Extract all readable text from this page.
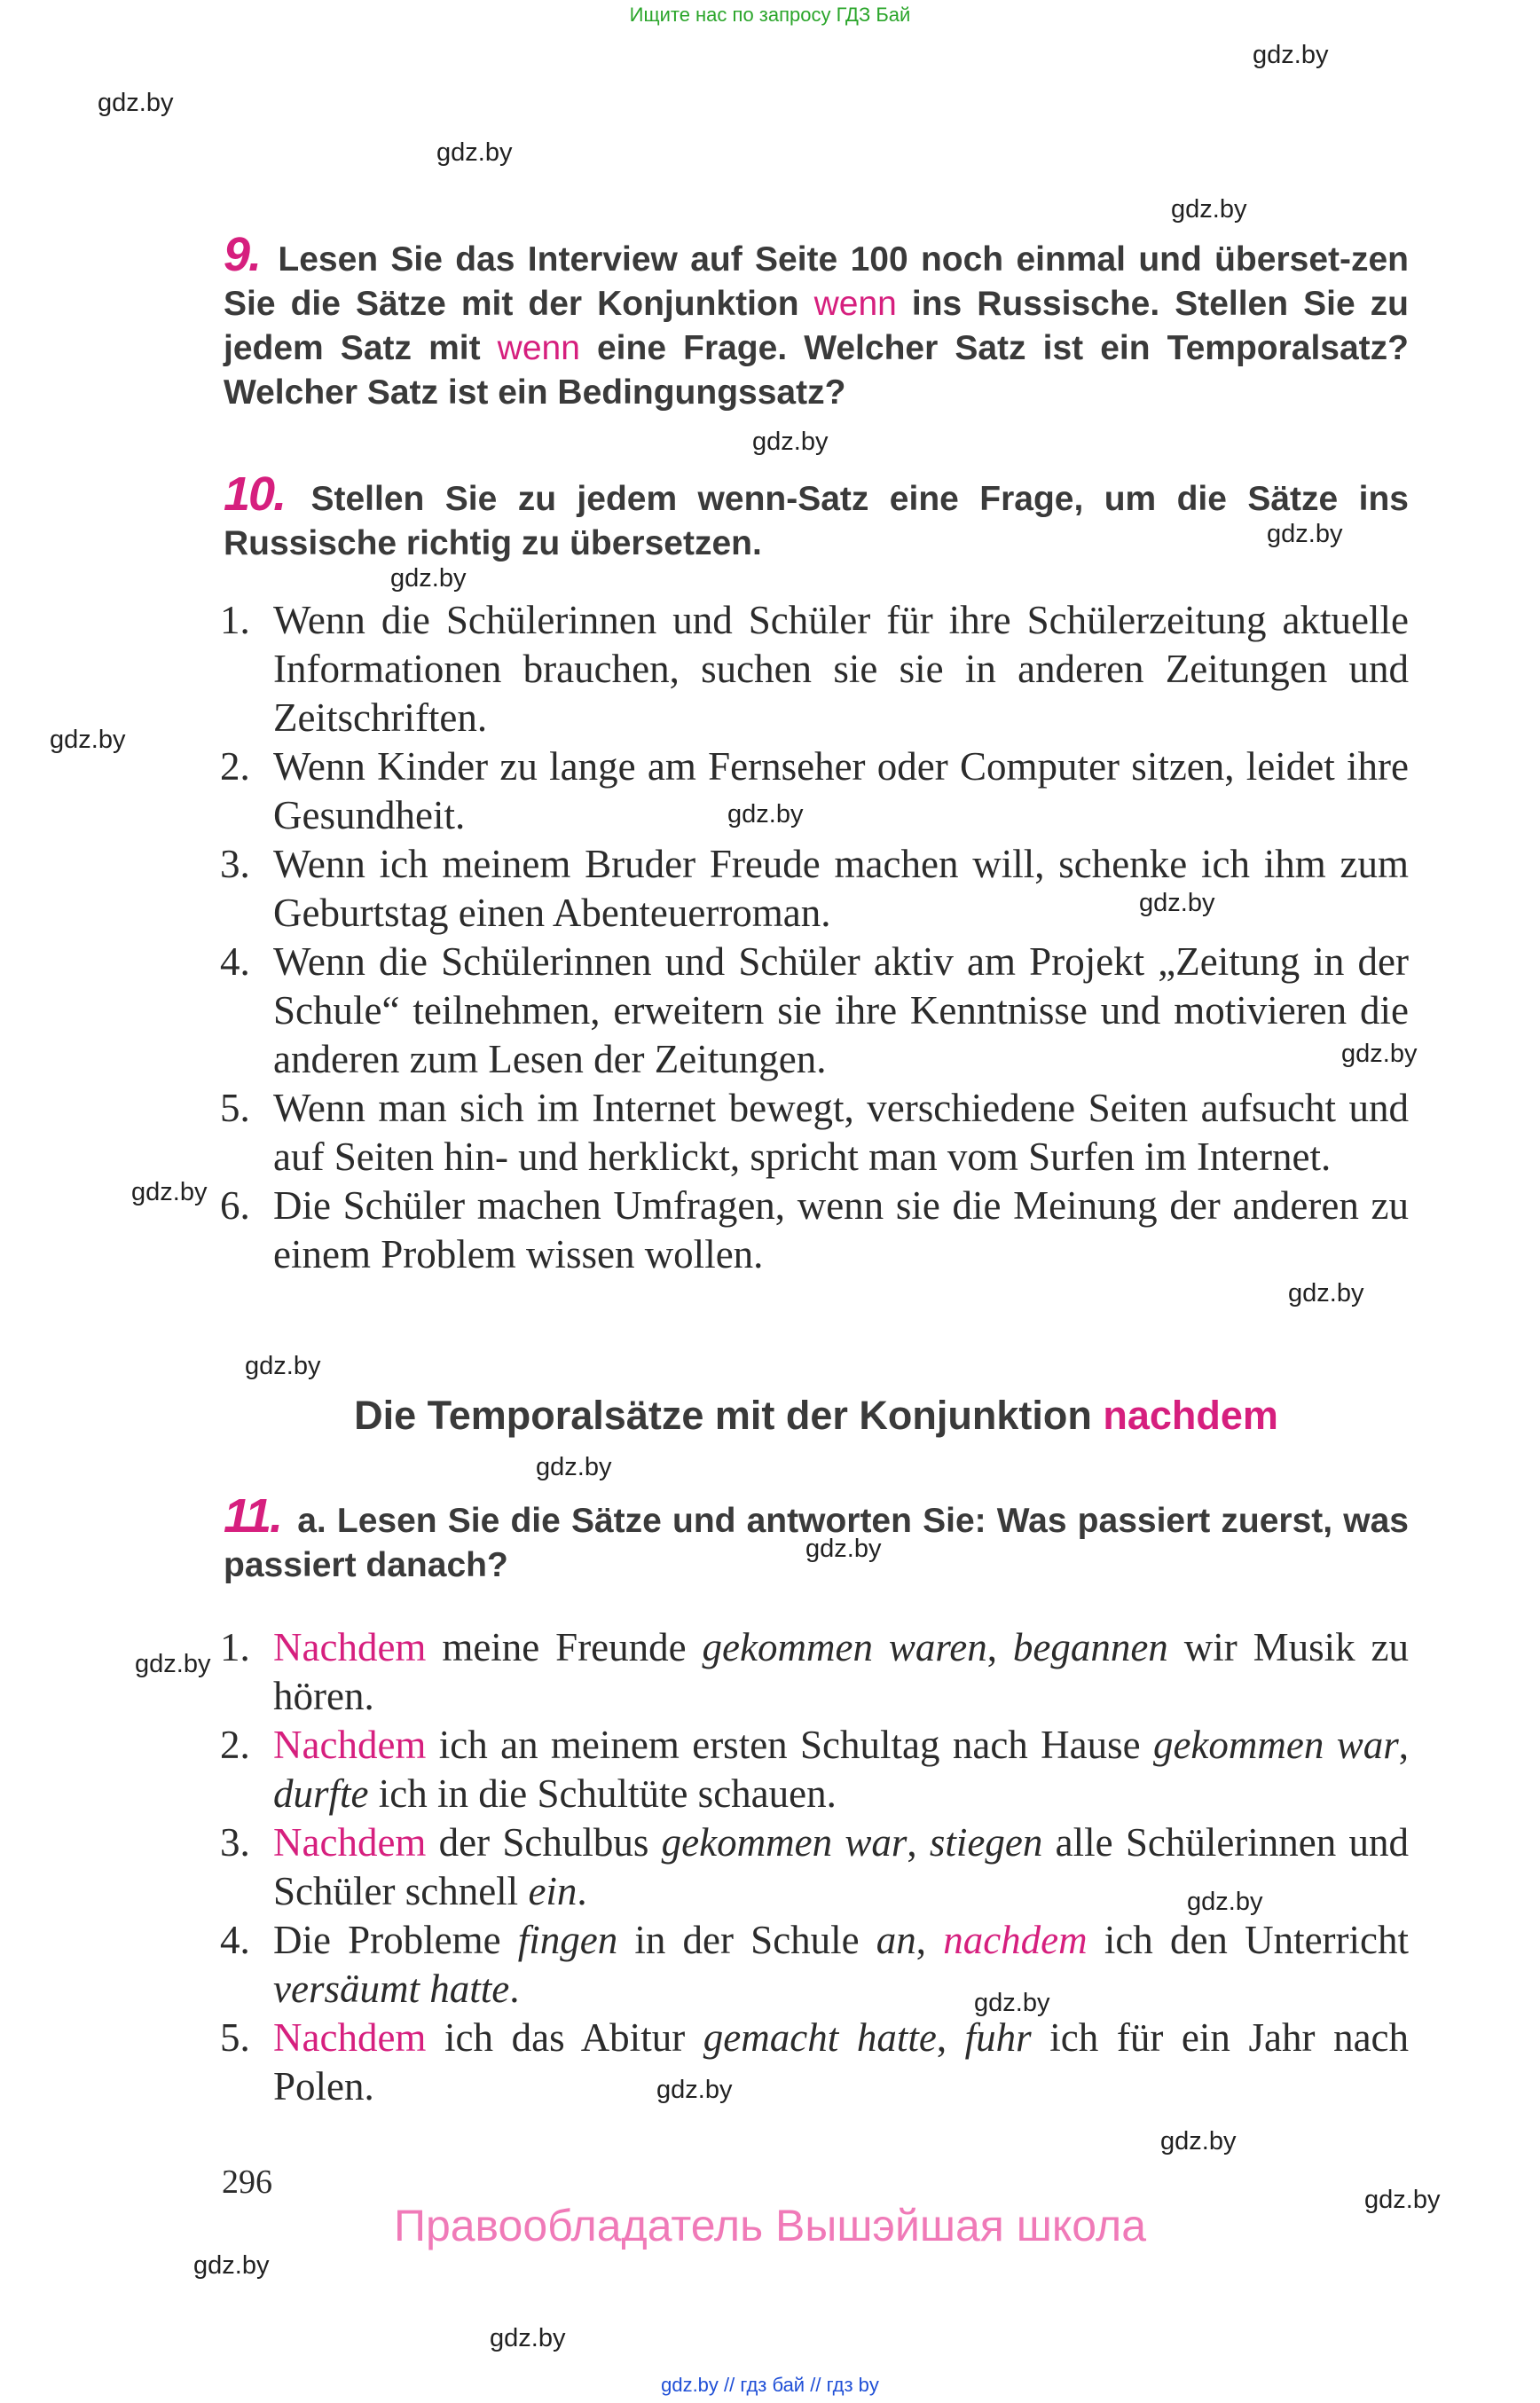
Ищите нас по запросу ГДЗ Бай
gdz.by
gdz.by
gdz.by
gdz.by
gdz.by
gdz.by
gdz.by
gdz.by
gdz.by
gdz.by
gdz.by
gdz.by
gdz.by
gdz.by
gdz.by
gdz.by
gdz.by
gdz.by
gdz.by
gdz.by
gdz.by
gdz.by
gdz.by
gdz.by
9. Lesen Sie das Interview auf Seite 100 noch einmal und überset-zen Sie die Sätze mit der Konjunktion wenn ins Russische. Stellen Sie zu jedem Satz mit wenn eine Frage. Welcher Satz ist ein Temporalsatz? Welcher Satz ist ein Bedingungssatz?
10. Stellen Sie zu jedem wenn-Satz eine Frage, um die Sätze ins Russische richtig zu übersetzen.
1. Wenn die Schülerinnen und Schüler für ihre Schülerzeitung aktuelle Informationen brauchen, suchen sie sie in anderen Zeitungen und Zeitschriften.
2. Wenn Kinder zu lange am Fernseher oder Computer sitzen, leidet ihre Gesundheit.
3. Wenn ich meinem Bruder Freude machen will, schenke ich ihm zum Geburtstag einen Abenteuerroman.
4. Wenn die Schülerinnen und Schüler aktiv am Projekt „Zeitung in der Schule“ teilnehmen, erweitern sie ihre Kenntnisse und motivieren die anderen zum Lesen der Zeitungen.
5. Wenn man sich im Internet bewegt, verschiedene Seiten aufsucht und auf Seiten hin- und herklickt, spricht man vom Surfen im Internet.
6. Die Schüler machen Umfragen, wenn sie die Meinung der anderen zu einem Problem wissen wollen.
Die Temporalsätze mit der Konjunktion nachdem
11. a. Lesen Sie die Sätze und antworten Sie: Was passiert zuerst, was passiert danach?
1. Nachdem meine Freunde gekommen waren, begannen wir Musik zu hören.
2. Nachdem ich an meinem ersten Schultag nach Hause gekommen war, durfte ich in die Schultüte schauen.
3. Nachdem der Schulbus gekommen war, stiegen alle Schülerinnen und Schüler schnell ein.
4. Die Probleme fingen in der Schule an, nachdem ich den Unterricht versäumt hatte.
5. Nachdem ich das Abitur gemacht hatte, fuhr ich für ein Jahr nach Polen.
296
Правообладатель Вышэйшая школа
gdz.by // гдз бай // гдз by
